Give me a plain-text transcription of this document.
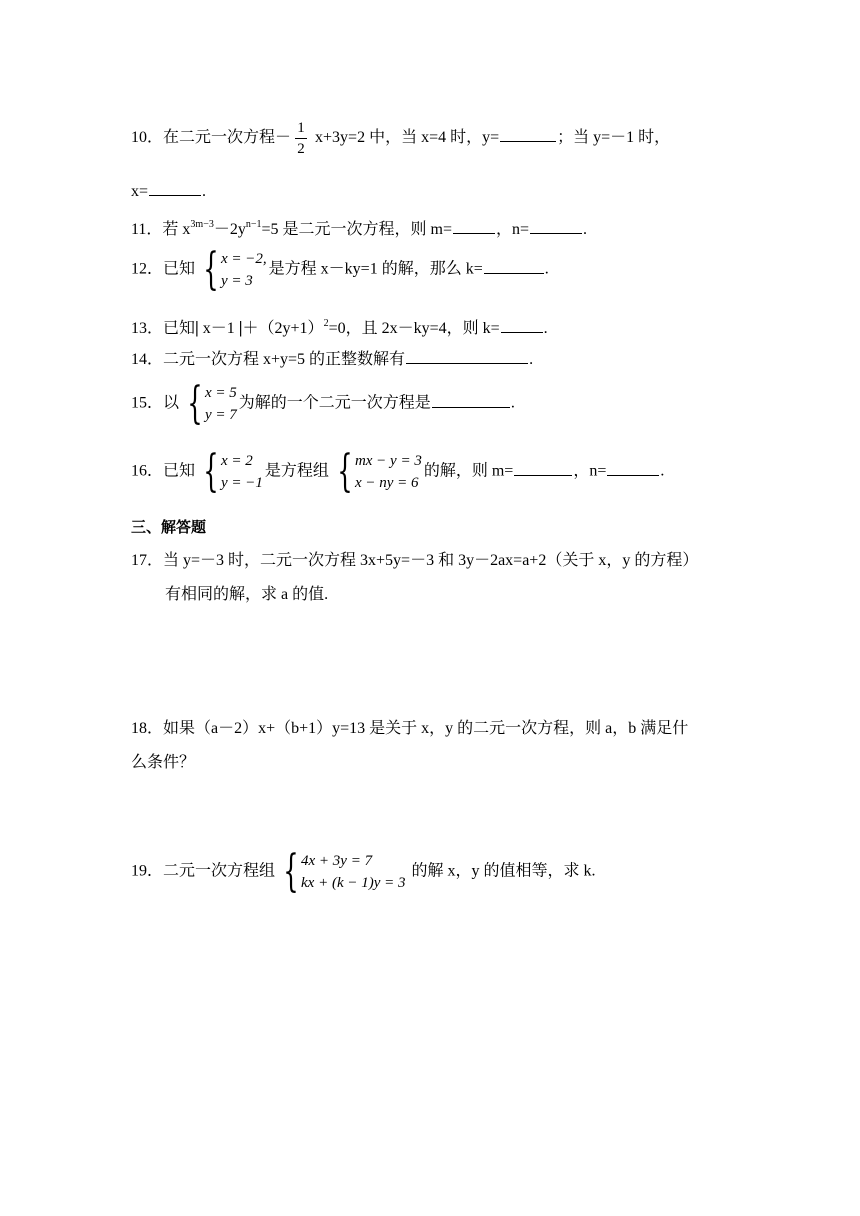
10．在二元一次方程－ $\frac{1}{2} x+3y=2$ 中，当 x=4 时，y=	；当 y=－1 时，
x=	.
11．若 $x^{3m-3}-2y^{n-1}=5$ 是二元一次方程，则 m=	，n=	.
12．已知 { x = −2,
y = 3
是方程 x－ky=1 的解，那么 k=	.
13．已知| x－1 $|+(2y+1)^2=0$，且 2x－ky=4，则 k=	.
14．二元一次方程 x+y=5 的正整数解有	.
15．以 { x = 5
y = 7
为解的一个二元一次方程是	.
16．已知 { x = 2
y = −1
是方程组 { mx − y = 3
x − ny = 6
的解，则 m=	，n=	.
三、解答题
17．当 y=－3 时，二元一次方程 3x+5y=－3 和 3y－2ax=a+2（关于 x，y 的方程）
有相同的解，求 a 的值.
18．如果（a－2）x+（b+1）y=13 是关于 x，y 的二元一次方程，则 a，b 满足什
么条件？
19．二元一次方程组 { 4x + 3y = 7
kx + (k − 1)y = 3
的解 x，y 的值相等，求 k.
